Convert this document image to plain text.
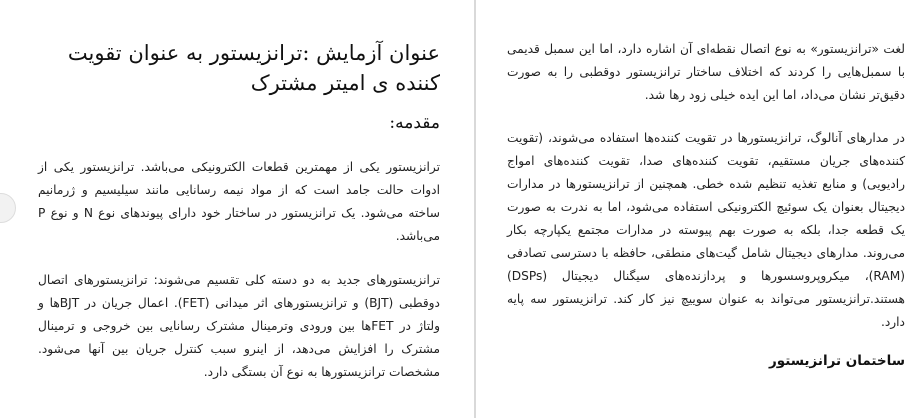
عنوان آزمایش :ترانزیستور به عنوان تقویت کننده ی امیتر مشترک
مقدمه:

ترانزیستور یکی از مهمترین قطعات الکترونیکی می‌باشد. ترانزیستور یکی از ادوات حالت جامد است که از مواد نیمه رسانایی مانند سیلیسیم و ژرمانیم ساخته می‌شود. یک ترانزیستور در ساختار خود دارای پیوندهای نوع N و نوع P می‌باشد.

ترانزیستورهای جدید به دو دسته کلی تقسیم می‌شوند: ترانزیستورهای اتصال دوقطبی (BJT) و ترانزیستورهای اثر میدانی (FET). اعمال جریان در BJTها و ولتاژ در FETها بین ورودی وترمینال مشترک رسانایی بین خروجی و ترمینال مشترک را افزایش می‌دهد، از اینرو سبب کنترل جریان بین آنها می‌شود. مشخصات ترانزیستورها به نوع آن بستگی دارد.

لغت «ترانزیستور» به نوع اتصال نقطه‌ای آن اشاره دارد، اما این سمبل قدیمی با سمبل‌هایی را کردند که اختلاف ساختار ترانزیستور دوقطبی را به صورت دقیق‌تر نشان می‌داد، اما این ایده خیلی زود رها شد.

در مدارهای آنالوگ، ترانزیستورها در تقویت کننده‌ها استفاده می‌شوند، (تقویت کننده‌های جریان مستقیم، تقویت کننده‌های صدا، تقویت کننده‌های امواج رادیویی) و منابع تغذیه تنظیم شده خطی. همچنین از ترانزیستورها در مدارات دیجیتال بعنوان یک سوئیچ الکترونیکی استفاده می‌شود، اما به ندرت به صورت یک قطعه جدا، بلکه به صورت بهم پیوسته در مدارات مجتمع یکپارچه بکار می‌روند. مدارهای دیجیتال شامل گیت‌های منطقی، حافظه با دسترسی تصادفی (RAM)، میکروپروسسورها و پردازنده‌های سیگنال دیجیتال (DSPs) هستند.ترانزیستور می‌تواند به عنوان سوییچ نیز کار کند. ترانزیستور سه پایه دارد.

ساختمان ترانزیستور
